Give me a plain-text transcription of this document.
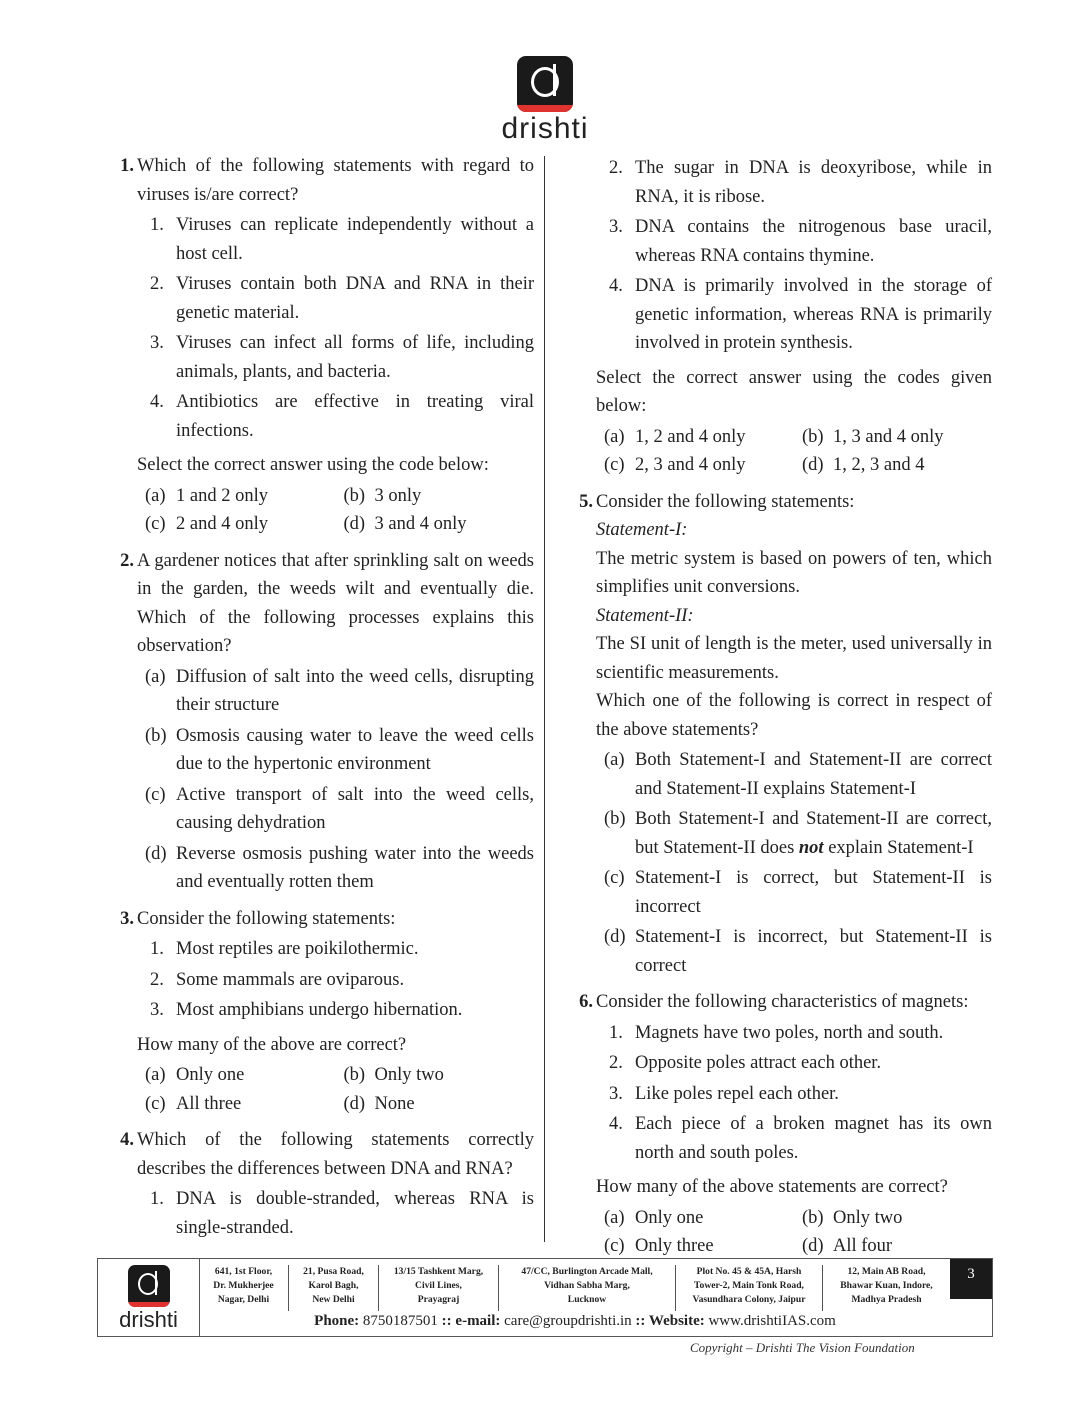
drishti
1. Which of the following statements with regard to viruses is/are correct?
1. Viruses can replicate independently without a host cell.
2. Viruses contain both DNA and RNA in their genetic material.
3. Viruses can infect all forms of life, including animals, plants, and bacteria.
4. Antibiotics are effective in treating viral infections.
Select the correct answer using the code below:
(a) 1 and 2 only	(b) 3 only
(c) 2 and 4 only	(d) 3 and 4 only
2. A gardener notices that after sprinkling salt on weeds in the garden, the weeds wilt and eventually die. Which of the following processes explains this observation?
(a) Diffusion of salt into the weed cells, disrupting their structure
(b) Osmosis causing water to leave the weed cells due to the hypertonic environment
(c) Active transport of salt into the weed cells, causing dehydration
(d) Reverse osmosis pushing water into the weeds and eventually rotten them
3. Consider the following statements:
1. Most reptiles are poikilothermic.
2. Some mammals are oviparous.
3. Most amphibians undergo hibernation.
How many of the above are correct?
(a) Only one	(b) Only two
(c) All three	(d) None
4. Which of the following statements correctly describes the differences between DNA and RNA?
1. DNA is double-stranded, whereas RNA is single-stranded.
2. The sugar in DNA is deoxyribose, while in RNA, it is ribose.
3. DNA contains the nitrogenous base uracil, whereas RNA contains thymine.
4. DNA is primarily involved in the storage of genetic information, whereas RNA is primarily involved in protein synthesis.
Select the correct answer using the codes given below:
(a) 1, 2 and 4 only	(b) 1, 3 and 4 only
(c) 2, 3 and 4 only	(d) 1, 2, 3 and 4
5. Consider the following statements:
Statement-I:
The metric system is based on powers of ten, which simplifies unit conversions.
Statement-II:
The SI unit of length is the meter, used universally in scientific measurements.
Which one of the following is correct in respect of the above statements?
(a) Both Statement-I and Statement-II are correct and Statement-II explains Statement-I
(b) Both Statement-I and Statement-II are correct, but Statement-II does not explain Statement-I
(c) Statement-I is correct, but Statement-II is incorrect
(d) Statement-I is incorrect, but Statement-II is correct
6. Consider the following characteristics of magnets:
1. Magnets have two poles, north and south.
2. Opposite poles attract each other.
3. Like poles repel each other.
4. Each piece of a broken magnet has its own north and south poles.
How many of the above statements are correct?
(a) Only one	(b) Only two
(c) Only three	(d) All four
drishti
641, 1st Floor,
Dr. Mukherjee
Nagar, Delhi
21, Pusa Road,
Karol Bagh,
New Delhi
13/15 Tashkent Marg,
Civil Lines,
Prayagraj
47/CC, Burlington Arcade Mall,
Vidhan Sabha Marg,
Lucknow
Plot No. 45 & 45A, Harsh
Tower-2, Main Tonk Road,
Vasundhara Colony, Jaipur
12, Main AB Road,
Bhawar Kuan, Indore,
Madhya Pradesh
3
Phone: 8750187501 :: e-mail: care@groupdrishti.in :: Website: www.drishtiIAS.com
Copyright – Drishti The Vision Foundation
